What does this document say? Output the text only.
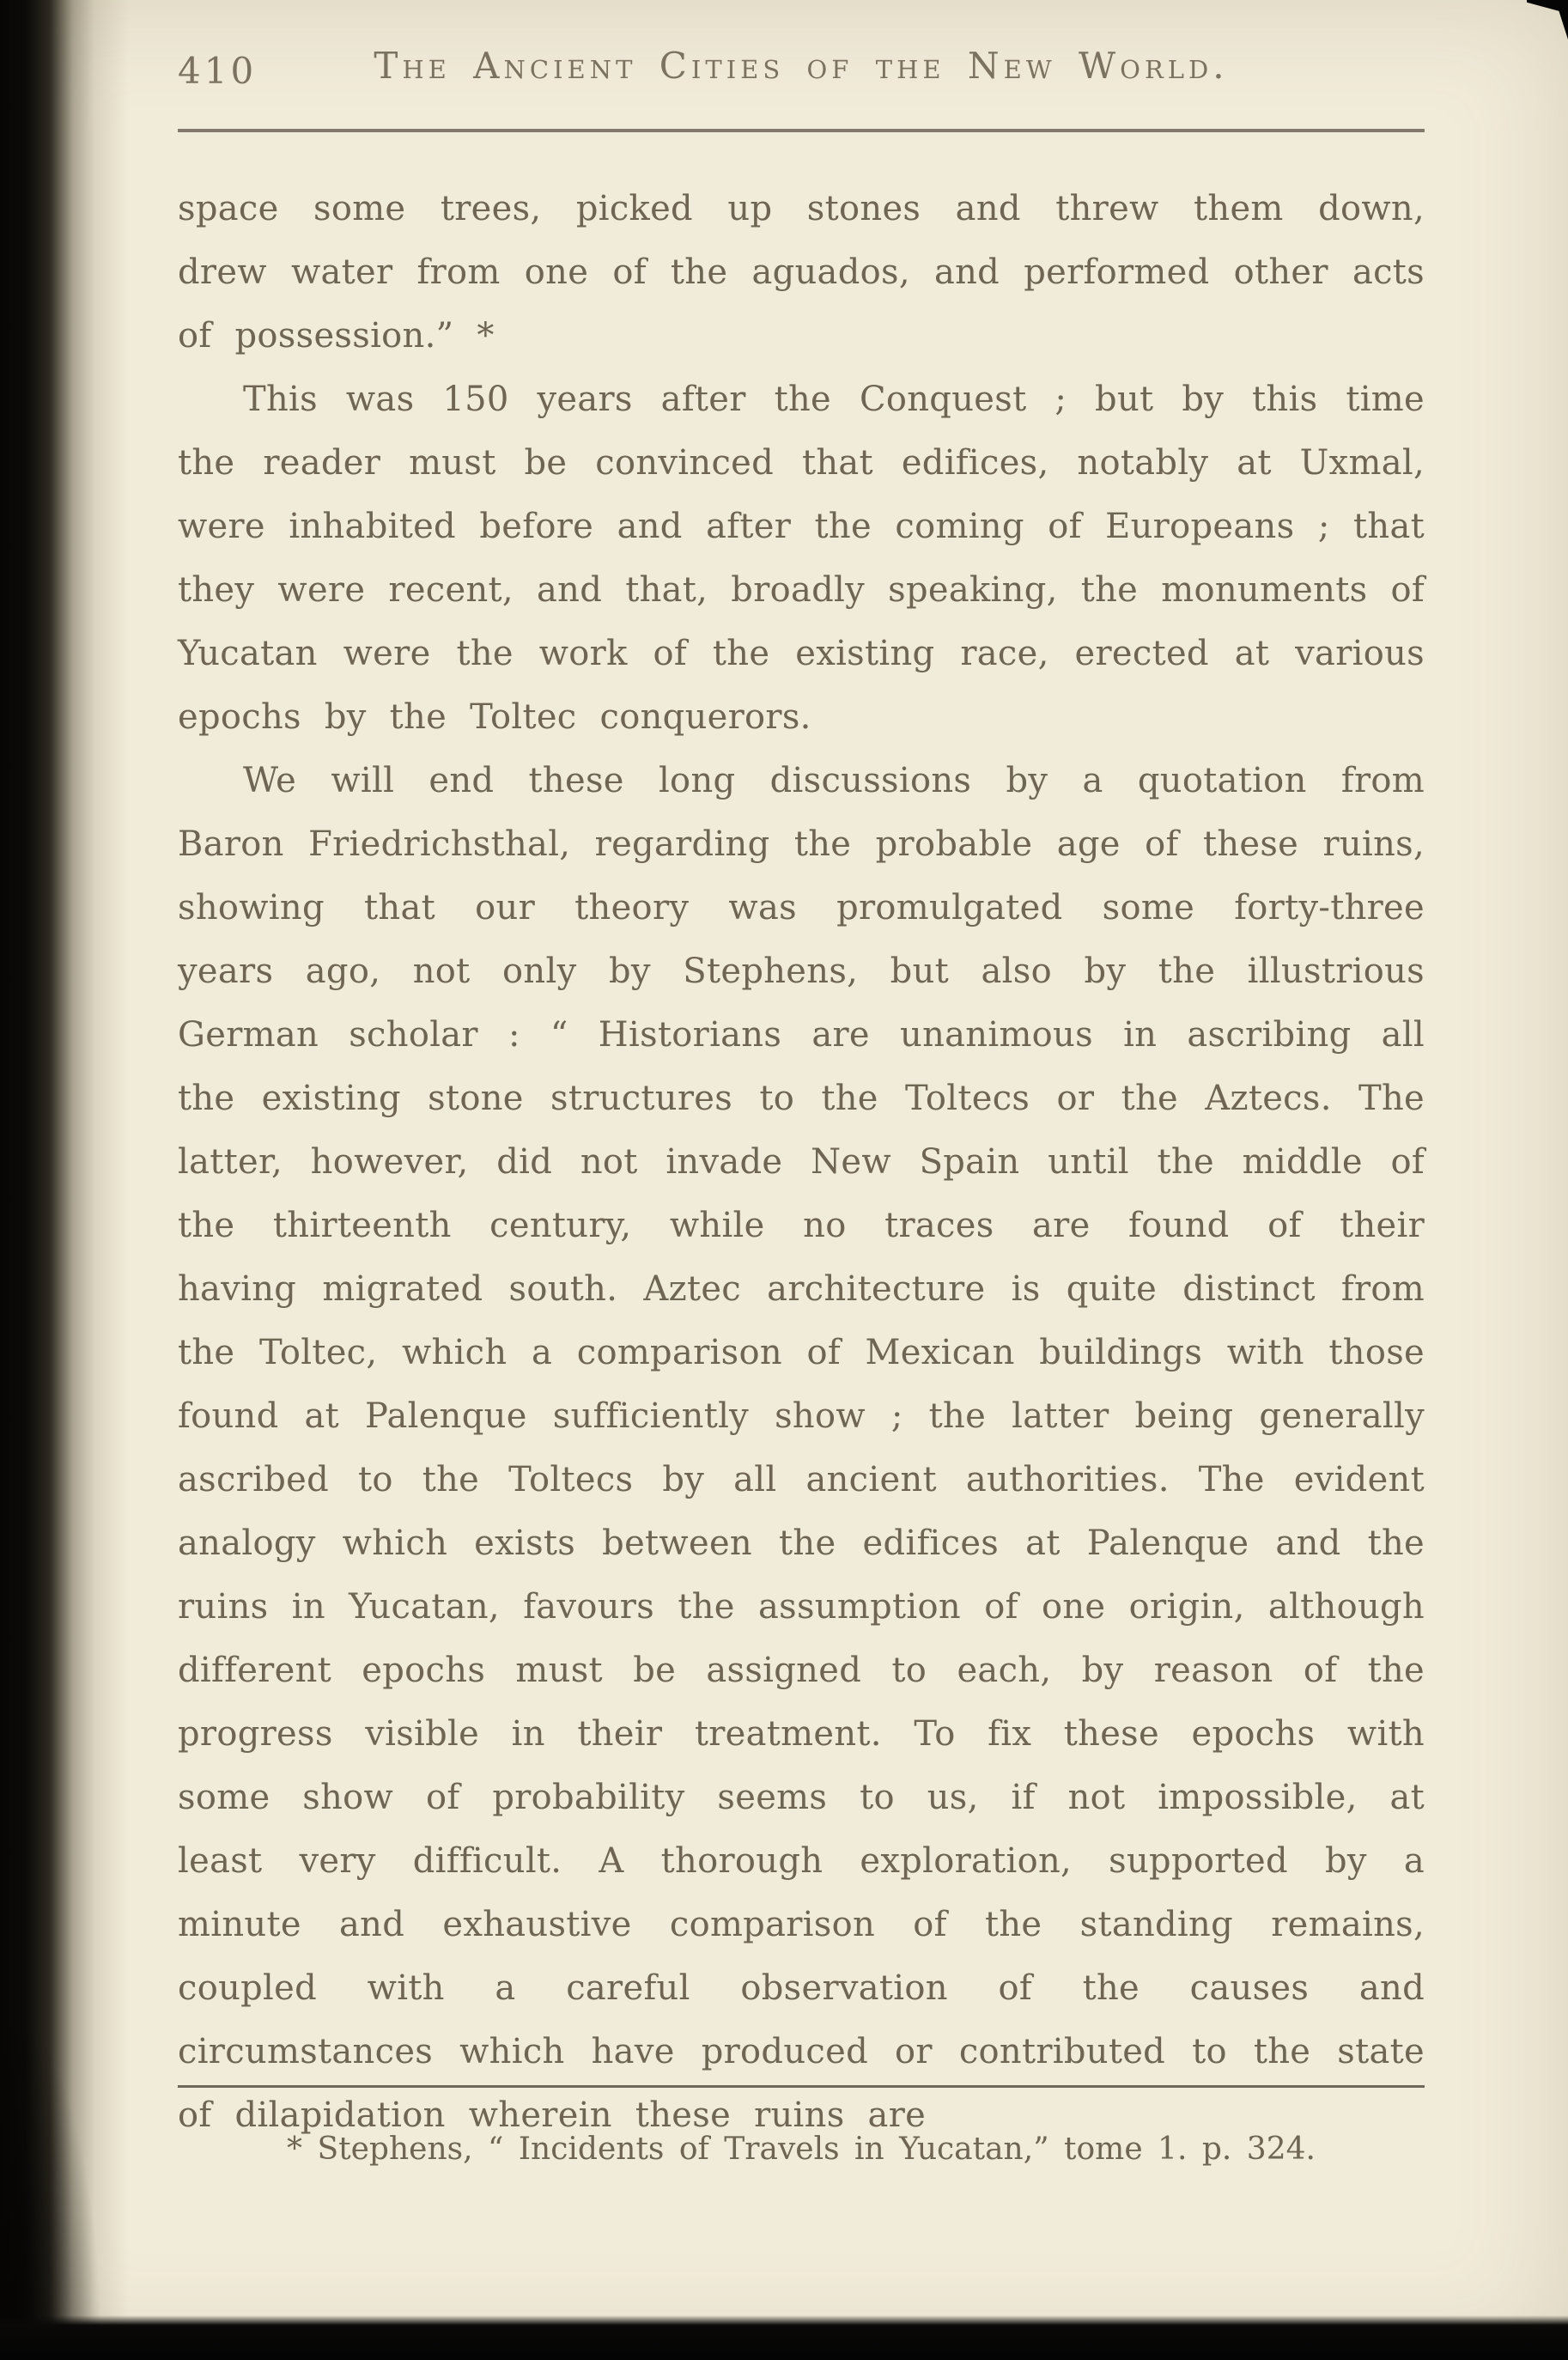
410	The Ancient Cities of the New World.

space some trees, picked up stones and threw them down, drew water from one of the aguados, and performed other acts of possession.” *

This was 150 years after the Conquest ; but by this time the reader must be convinced that edifices, notably at Uxmal, were inhabited before and after the coming of Europeans ; that they were recent, and that, broadly speaking, the monuments of Yucatan were the work of the existing race, erected at various epochs by the Toltec conquerors.

We will end these long discussions by a quotation from Baron Friedrichsthal, regarding the probable age of these ruins, showing that our theory was promulgated some forty-three years ago, not only by Stephens, but also by the illustrious German scholar : “ Historians are unanimous in ascribing all the existing stone structures to the Toltecs or the Aztecs. The latter, however, did not invade New Spain until the middle of the thirteenth century, while no traces are found of their having migrated south. Aztec architecture is quite distinct from the Toltec, which a comparison of Mexican buildings with those found at Palenque sufficiently show ; the latter being generally ascribed to the Toltecs by all ancient authorities. The evident analogy which exists between the edifices at Palenque and the ruins in Yucatan, favours the assumption of one origin, although different epochs must be assigned to each, by reason of the progress visible in their treatment. To fix these epochs with some show of probability seems to us, if not impossible, at least very difficult. A thorough exploration, supported by a minute and exhaustive comparison of the standing remains, coupled with a careful observation of the causes and circumstances which have produced or contributed to the state of dilapidation wherein these ruins are

* Stephens, “ Incidents of Travels in Yucatan,” tome 1. p. 324.
